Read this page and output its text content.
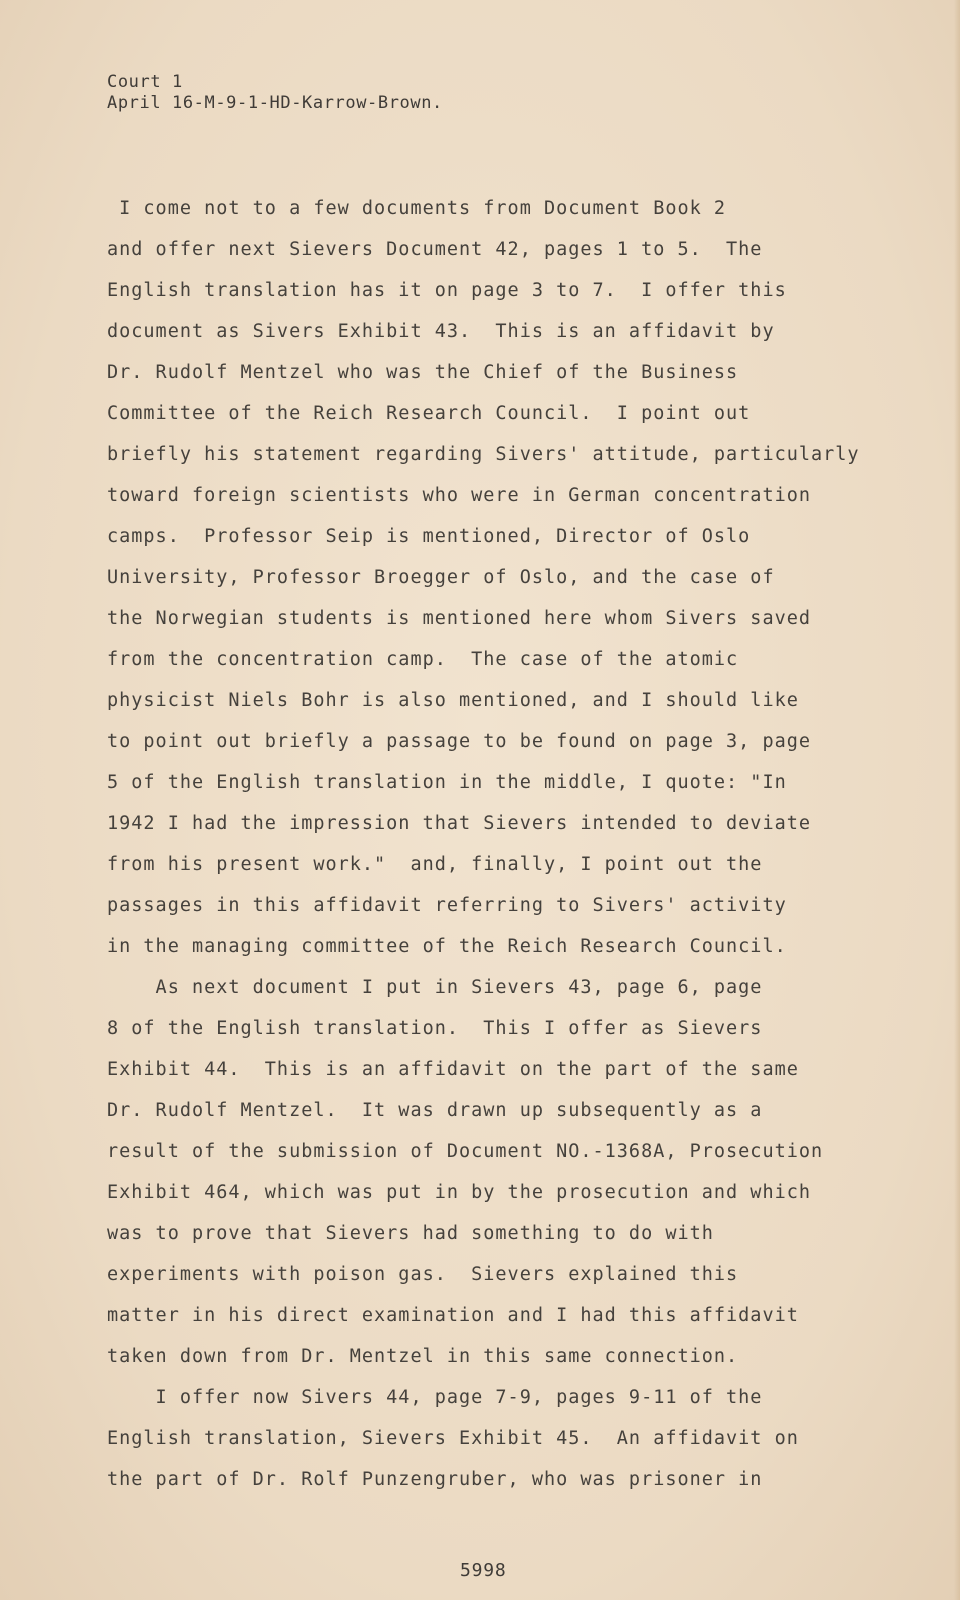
Court 1
April 16-M-9-1-HD-Karrow-Brown.
I come not to a few documents from Document Book 2
and offer next Sievers Document 42, pages 1 to 5.  The
English translation has it on page 3 to 7.  I offer this
document as Sivers Exhibit 43.  This is an affidavit by
Dr. Rudolf Mentzel who was the Chief of the Business
Committee of the Reich Research Council.  I point out
briefly his statement regarding Sivers' attitude, particularly
toward foreign scientists who were in German concentration
camps.  Professor Seip is mentioned, Director of Oslo
University, Professor Broegger of Oslo, and the case of
the Norwegian students is mentioned here whom Sivers saved
from the concentration camp.  The case of the atomic
physicist Niels Bohr is also mentioned, and I should like
to point out briefly a passage to be found on page 3, page
5 of the English translation in the middle, I quote: "In
1942 I had the impression that Sievers intended to deviate
from his present work."  and, finally, I point out the
passages in this affidavit referring to Sivers' activity
in the managing committee of the Reich Research Council.
As next document I put in Sievers 43, page 6, page
8 of the English translation.  This I offer as Sievers
Exhibit 44.  This is an affidavit on the part of the same
Dr. Rudolf Mentzel.  It was drawn up subsequently as a
result of the submission of Document NO.-1368A, Prosecution
Exhibit 464, which was put in by the prosecution and which
was to prove that Sievers had something to do with
experiments with poison gas.  Sievers explained this
matter in his direct examination and I had this affidavit
taken down from Dr. Mentzel in this same connection.
I offer now Sivers 44, page 7-9, pages 9-11 of the
English translation, Sievers Exhibit 45.  An affidavit on
the part of Dr. Rolf Punzengruber, who was prisoner in
5998
